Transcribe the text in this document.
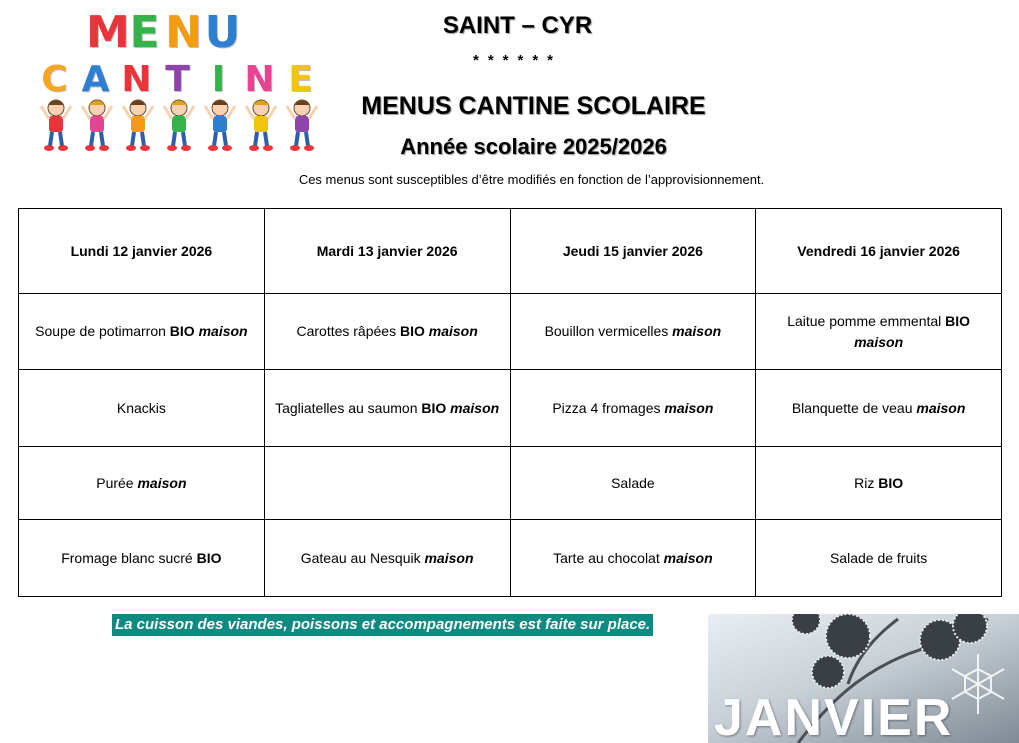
M E N U
C A N T I N E
SAINT – CYR
******
MENUS CANTINE SCOLAIRE
Année scolaire 2025/2026
Ces menus sont susceptibles d’être modifiés en fonction de l’approvisionnement.
Lundi 12 janvier 2026	Mardi 13 janvier 2026	Jeudi 15 janvier 2026	Vendredi 16 janvier 2026
Soupe de potimarron BIO maison	Carottes râpées BIO maison	Bouillon vermicelles maison	Laitue pomme emmental BIO maison
Knackis	Tagliatelles au saumon BIO maison	Pizza 4 fromages maison	Blanquette de veau maison
Purée maison		Salade	Riz BIO
Fromage blanc sucré BIO	Gateau au Nesquik maison	Tarte au chocolat maison	Salade de fruits
La cuisson des viandes, poissons et accompagnements est faite sur place.
JANVIER
